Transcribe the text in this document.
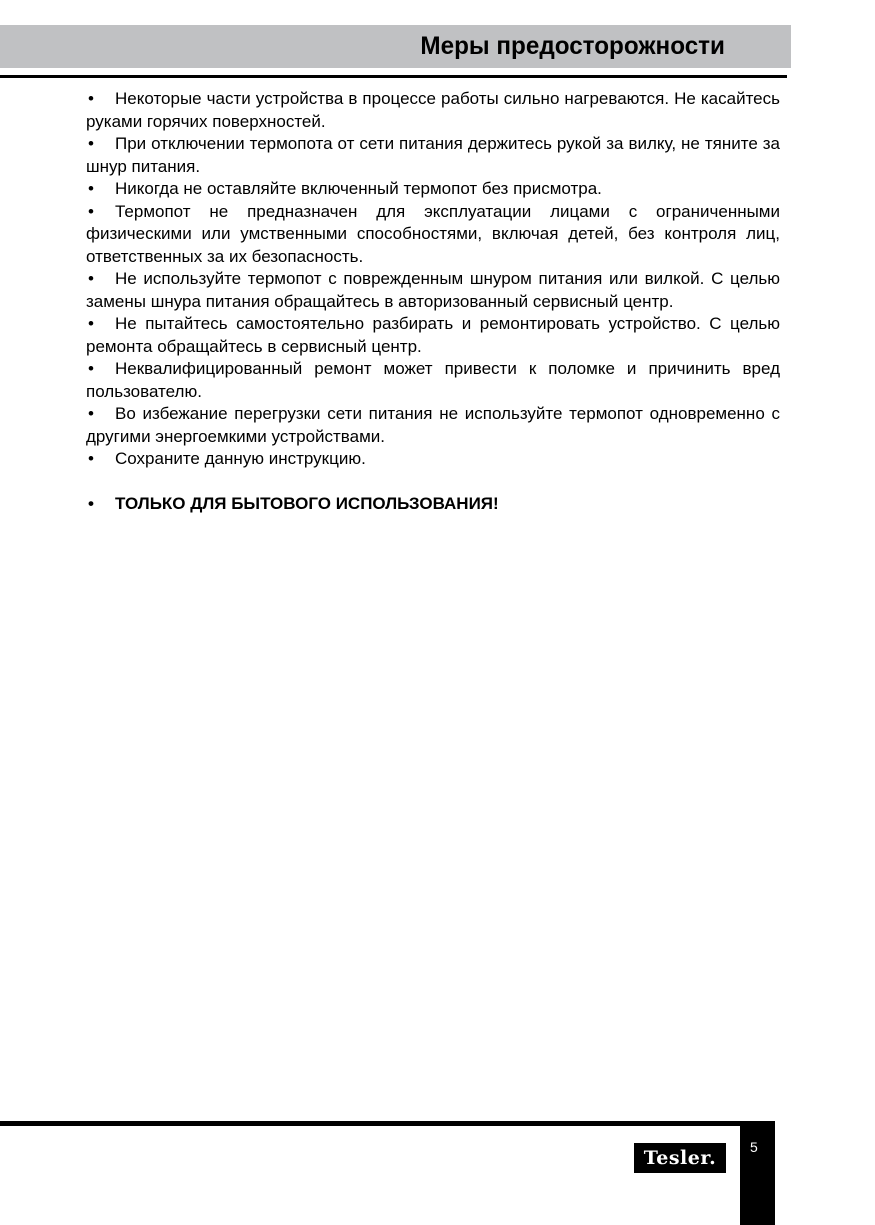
Меры предосторожности

• Некоторые части устройства в процессе работы сильно нагреваются. Не касайтесь руками горячих поверхностей.

• При отключении термопота от сети питания держитесь рукой за вилку, не тяните за шнур питания.

• Никогда не оставляйте включенный термопот без присмотра.

• Термопот не предназначен для эксплуатации лицами с ограниченными физическими или умственными способностями, включая детей, без контроля лиц, ответственных за их безопасность.

• Не используйте термопот с поврежденным шнуром питания или вилкой. С целью замены шнура питания обращайтесь в авторизованный сервисный центр.

• Не пытайтесь самостоятельно разбирать и ремонтировать устройство. С целью ремонта обращайтесь в сервисный центр.

• Неквалифицированный ремонт может привести к поломке и причинить вред пользователю.

• Во избежание перегрузки сети питания не используйте термопот одновременно с другими энергоемкими устройствами.

• Сохраните данную инструкцию.

• ТОЛЬКО ДЛЯ БЫТОВОГО ИСПОЛЬЗОВАНИЯ!

Tesler.	5
